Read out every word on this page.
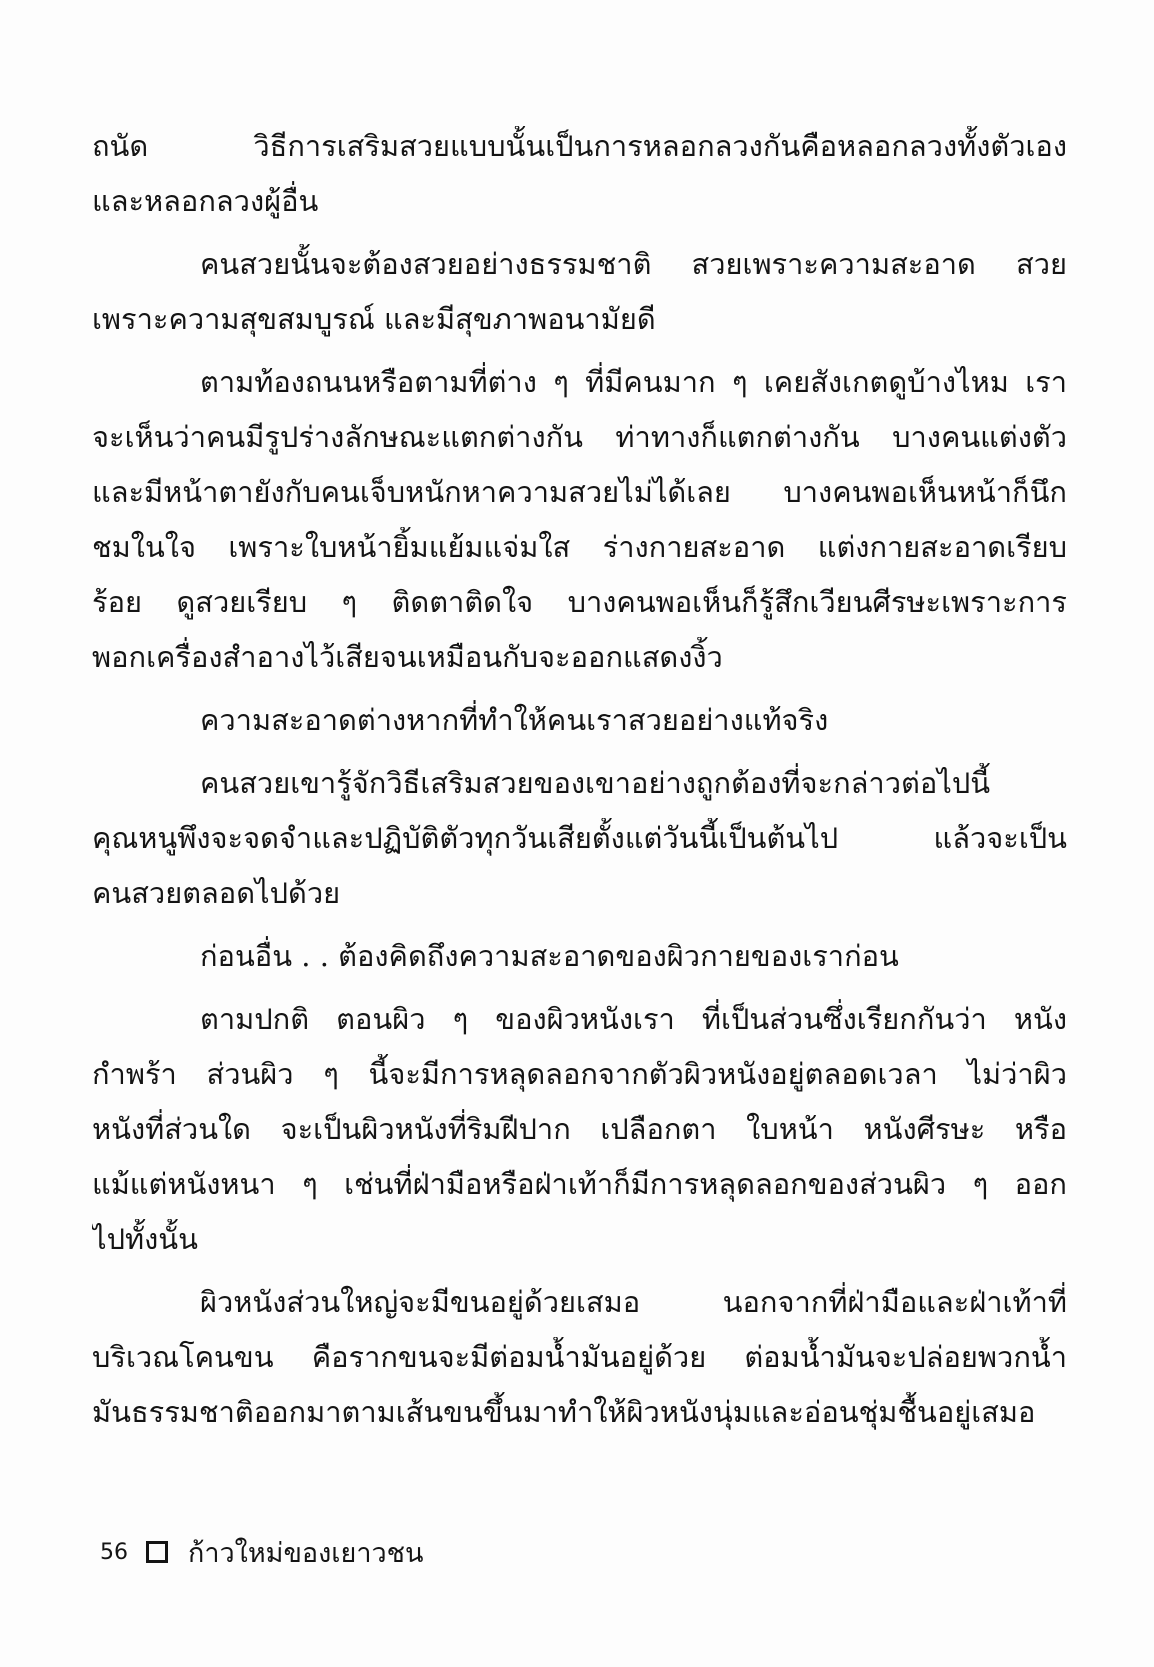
ถนัด วิธีการเสริมสวยแบบนั้นเป็นการหลอกลวงกันคือหลอกลวงทั้งตัวเอง
และหลอกลวงผู้อื่น
คนสวยนั้นจะต้องสวยอย่างธรรมชาติ สวยเพราะความสะอาด สวย
เพราะความสุขสมบูรณ์ และมีสุขภาพอนามัยดี
ตามท้องถนนหรือตามที่ต่าง ๆ ที่มีคนมาก ๆ เคยสังเกตดูบ้างไหม เรา
จะเห็นว่าคนมีรูปร่างลักษณะแตกต่างกัน ท่าทางก็แตกต่างกัน บางคนแต่งตัว
และมีหน้าตายังกับคนเจ็บหนักหาความสวยไม่ได้เลย บางคนพอเห็นหน้าก็นึก
ชมในใจ เพราะใบหน้ายิ้มแย้มแจ่มใส ร่างกายสะอาด แต่งกายสะอาดเรียบ
ร้อย ดูสวยเรียบ ๆ ติดตาติดใจ บางคนพอเห็นก็รู้สึกเวียนศีรษะเพราะการ
พอกเครื่องสำอางไว้เสียจนเหมือนกับจะออกแสดงงิ้ว
ความสะอาดต่างหากที่ทำให้คนเราสวยอย่างแท้จริง
คนสวยเขารู้จักวิธีเสริมสวยของเขาอย่างถูกต้องที่จะกล่าวต่อไปนี้
คุณหนูพึงจะจดจำและปฏิบัติตัวทุกวันเสียตั้งแต่วันนี้เป็นต้นไป แล้วจะเป็น
คนสวยตลอดไปด้วย
ก่อนอื่น . . ต้องคิดถึงความสะอาดของผิวกายของเราก่อน
ตามปกติ ตอนผิว ๆ ของผิวหนังเรา ที่เป็นส่วนซึ่งเรียกกันว่า หนัง
กำพร้า ส่วนผิว ๆ นี้จะมีการหลุดลอกจากตัวผิวหนังอยู่ตลอดเวลา ไม่ว่าผิว
หนังที่ส่วนใด จะเป็นผิวหนังที่ริมฝีปาก เปลือกตา ใบหน้า หนังศีรษะ หรือ
แม้แต่หนังหนา ๆ เช่นที่ฝ่ามือหรือฝ่าเท้าก็มีการหลุดลอกของส่วนผิว ๆ ออก
ไปทั้งนั้น
ผิวหนังส่วนใหญ่จะมีขนอยู่ด้วยเสมอ นอกจากที่ฝ่ามือและฝ่าเท้าที่
บริเวณโคนขน คือรากขนจะมีต่อมน้ำมันอยู่ด้วย ต่อมน้ำมันจะปล่อยพวกน้ำ
มันธรรมชาติออกมาตามเส้นขนขึ้นมาทำให้ผิวหนังนุ่มและอ่อนชุ่มชื้นอยู่เสมอ
56 ก้าวใหม่ของเยาวชน
